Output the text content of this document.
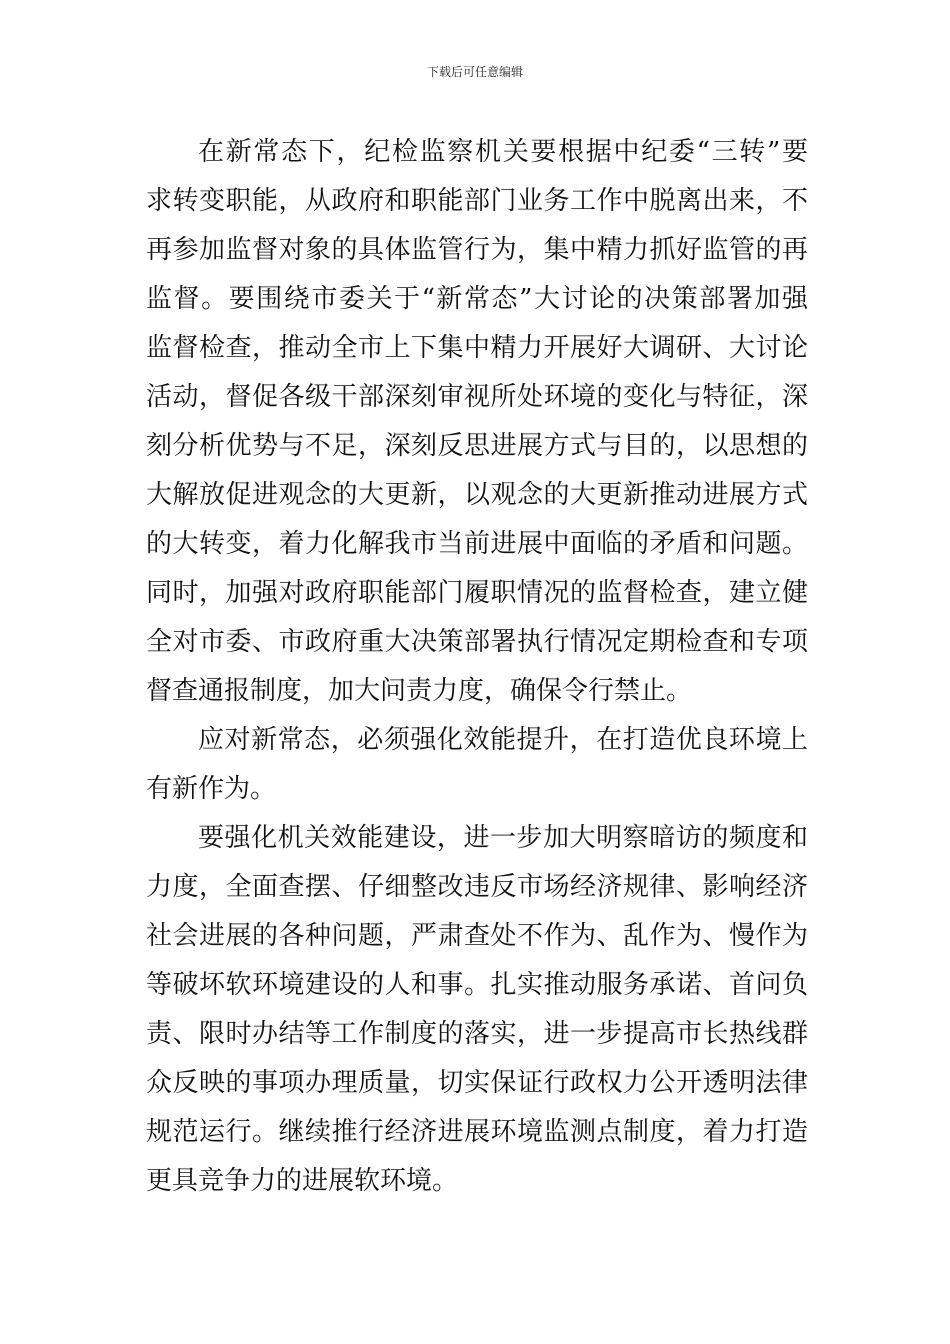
下载后可任意编辑
在新常态下，纪检监察机关要根据中纪委“三转”要
求转变职能，从政府和职能部门业务工作中脱离出来，不
再参加监督对象的具体监管行为，集中精力抓好监管的再
监督。要围绕市委关于“新常态”大讨论的决策部署加强
监督检查，推动全市上下集中精力开展好大调研、大讨论
活动，督促各级干部深刻审视所处环境的变化与特征，深
刻分析优势与不足，深刻反思进展方式与目的，以思想的
大解放促进观念的大更新，以观念的大更新推动进展方式
的大转变，着力化解我市当前进展中面临的矛盾和问题。
同时，加强对政府职能部门履职情况的监督检查，建立健
全对市委、市政府重大决策部署执行情况定期检查和专项
督查通报制度，加大问责力度，确保令行禁止。
应对新常态，必须强化效能提升，在打造优良环境上
有新作为。
要强化机关效能建设，进一步加大明察暗访的频度和
力度，全面查摆、仔细整改违反市场经济规律、影响经济
社会进展的各种问题，严肃查处不作为、乱作为、慢作为
等破坏软环境建设的人和事。扎实推动服务承诺、首问负
责、限时办结等工作制度的落实，进一步提高市长热线群
众反映的事项办理质量，切实保证行政权力公开透明法律
规范运行。继续推行经济进展环境监测点制度，着力打造
更具竞争力的进展软环境。
